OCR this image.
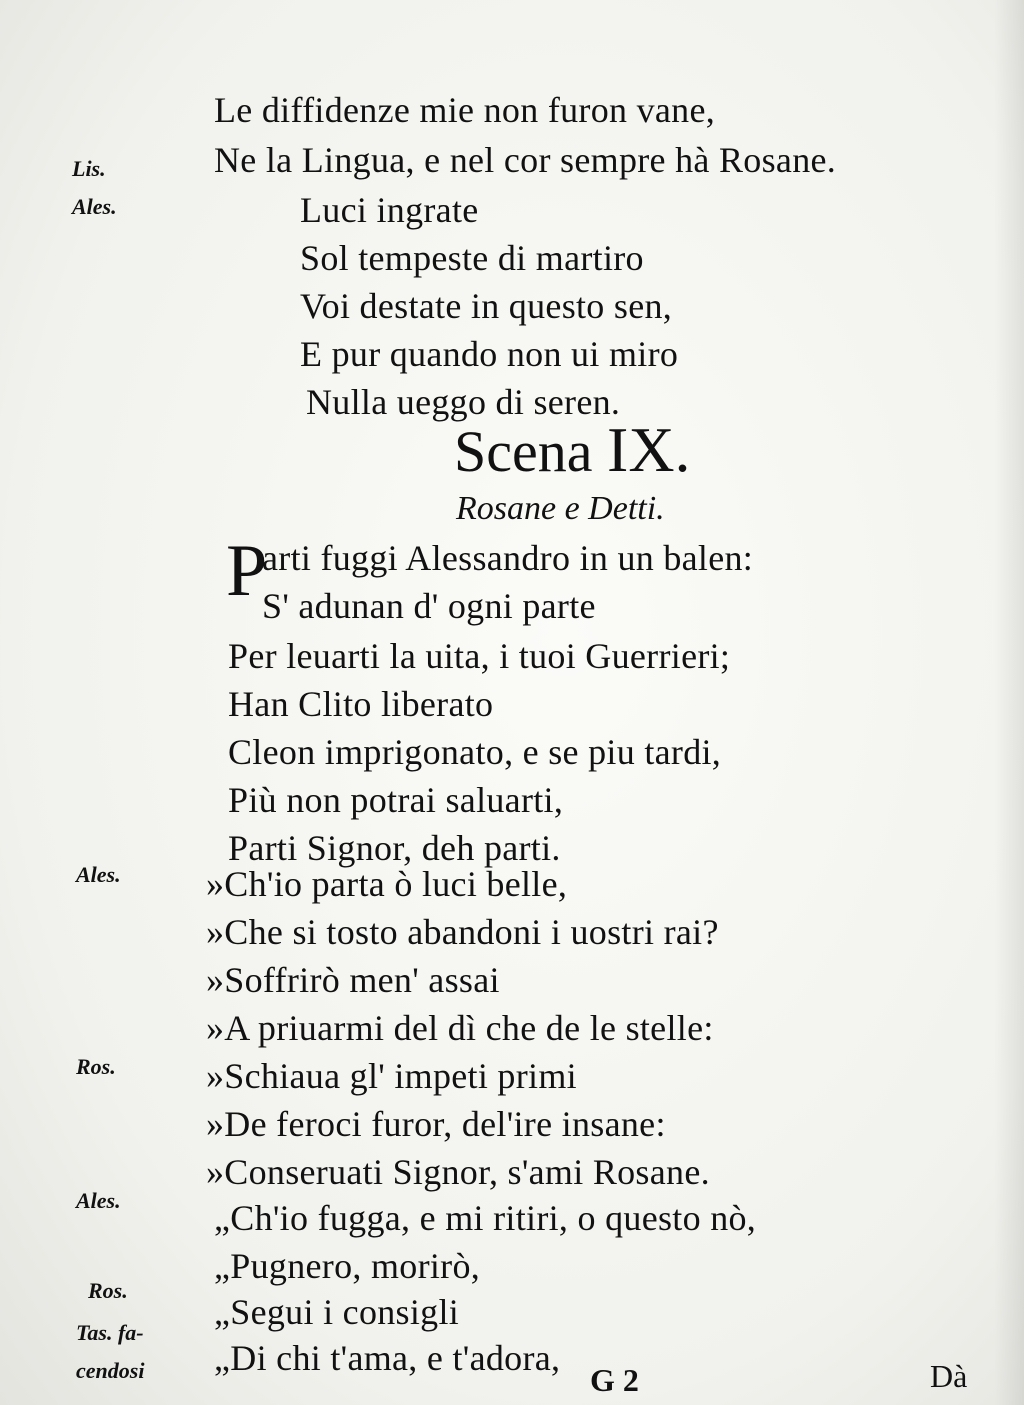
Le diffidenze mie non furon vane,
Ne la Lingua, e nel cor sempre hà Rosane.
Luci ingrate
Sol tempeste di martiro
Voi destate in questo sen,
E pur quando non ui miro
Nulla ueggo di seren.
Lis.
Ales.
Scena IX.
Rosane e Detti.
P
arti fuggi Alessandro in un balen:
S' adunan d' ogni parte
Per leuarti la uita, i tuoi Guerrieri;
Han Clito liberato
Cleon imprigonato, e se piu tardi,
Più non potrai saluarti,
Parti Signor, deh parti.
Ales.
Ros.
Ales.
Ros.
Tas. fa-
cendosi
»Ch'io parta ò luci belle,
»Che si tosto abandoni i uostri rai?
»Soffrirò men' assai
»A priuarmi del dì che de le stelle:
»Schiaua gl' impeti primi
»De feroci furor, del'ire insane:
»Conseruati Signor, s'ami Rosane.
„Ch'io fugga, e mi ritiri, o questo nò,
„Pugnero, morirò,
„Segui i consigli
„Di chi t'ama, e t'adora,
G 2	Dà
